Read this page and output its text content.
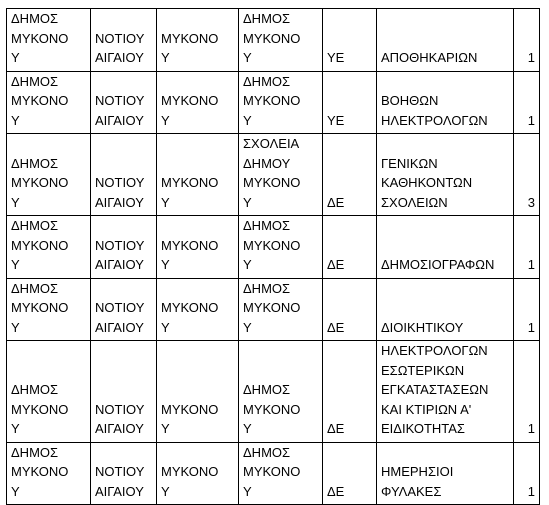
ΔΗΜΟΣ
ΜΥΚΟΝΟ
Υ	ΝΟΤΙΟΥ
ΑΙΓΑΙΟΥ	ΜΥΚΟΝΟ
Υ	ΔΗΜΟΣ
ΜΥΚΟΝΟ
Υ	ΥΕ	ΑΠΟΘΗΚΑΡΙΩΝ	1
ΔΗΜΟΣ
ΜΥΚΟΝΟ
Υ	ΝΟΤΙΟΥ
ΑΙΓΑΙΟΥ	ΜΥΚΟΝΟ
Υ	ΔΗΜΟΣ
ΜΥΚΟΝΟ
Υ	ΥΕ	ΒΟΗΘΩΝ
ΗΛΕΚΤΡΟΛΟΓΩΝ	1
ΔΗΜΟΣ
ΜΥΚΟΝΟ
Υ	ΝΟΤΙΟΥ
ΑΙΓΑΙΟΥ	ΜΥΚΟΝΟ
Υ	ΣΧΟΛΕΙΑ
ΔΗΜΟΥ
ΜΥΚΟΝΟ
Υ	ΔΕ	ΓΕΝΙΚΩΝ
ΚΑΘΗΚΟΝΤΩΝ
ΣΧΟΛΕΙΩΝ	3
ΔΗΜΟΣ
ΜΥΚΟΝΟ
Υ	ΝΟΤΙΟΥ
ΑΙΓΑΙΟΥ	ΜΥΚΟΝΟ
Υ	ΔΗΜΟΣ
ΜΥΚΟΝΟ
Υ	ΔΕ	ΔΗΜΟΣΙΟΓΡΑΦΩΝ	1
ΔΗΜΟΣ
ΜΥΚΟΝΟ
Υ	ΝΟΤΙΟΥ
ΑΙΓΑΙΟΥ	ΜΥΚΟΝΟ
Υ	ΔΗΜΟΣ
ΜΥΚΟΝΟ
Υ	ΔΕ	ΔΙΟΙΚΗΤΙΚΟΥ	1
ΔΗΜΟΣ
ΜΥΚΟΝΟ
Υ	ΝΟΤΙΟΥ
ΑΙΓΑΙΟΥ	ΜΥΚΟΝΟ
Υ	ΔΗΜΟΣ
ΜΥΚΟΝΟ
Υ	ΔΕ	ΗΛΕΚΤΡΟΛΟΓΩΝ
ΕΣΩΤΕΡΙΚΩΝ
ΕΓΚΑΤΑΣΤΑΣΕΩΝ
ΚΑΙ ΚΤΙΡΙΩΝ Α'
ΕΙΔΙΚΟΤΗΤΑΣ	1
ΔΗΜΟΣ
ΜΥΚΟΝΟ
Υ	ΝΟΤΙΟΥ
ΑΙΓΑΙΟΥ	ΜΥΚΟΝΟ
Υ	ΔΗΜΟΣ
ΜΥΚΟΝΟ
Υ	ΔΕ	ΗΜΕΡΗΣΙΟΙ
ΦΥΛΑΚΕΣ	1
